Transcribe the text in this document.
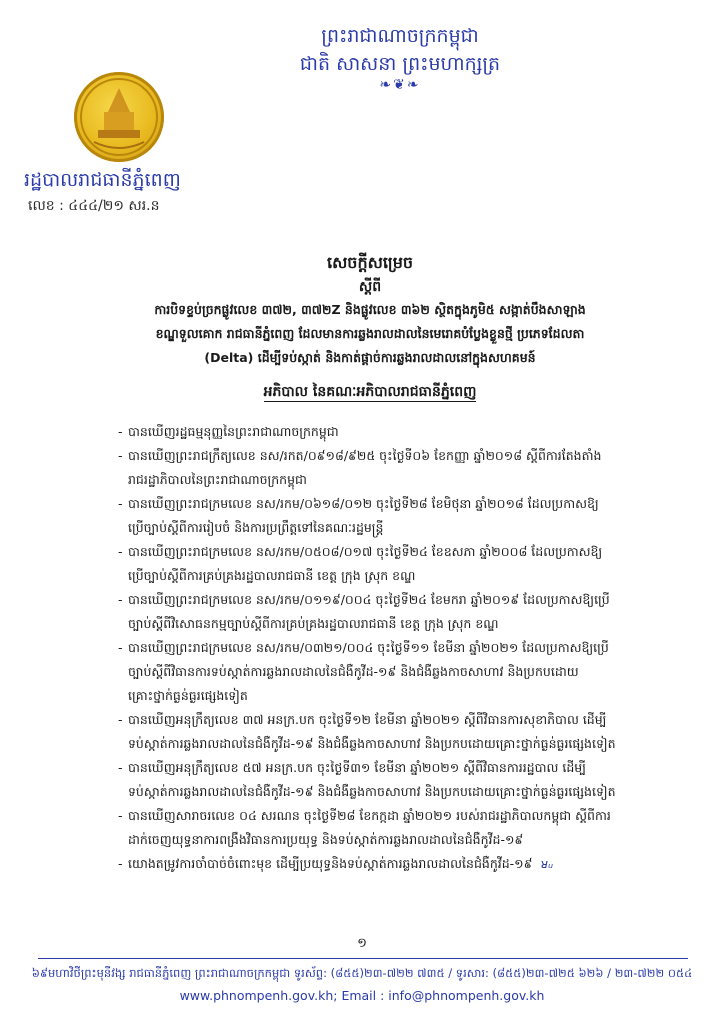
ព្រះរាជាណាចក្រកម្ពុជា
ជាតិ សាសនា ព្រះមហាក្សត្រ
❧❦❧
រដ្ឋបាលរាជធានីភ្នំពេញ
លេខ : ៤៤៤/២១ សរ.ន
សេចក្ដីសម្រេច
ស្ដីពី
ការបិទខ្ទប់ច្រកផ្លូវលេខ ៣៧២, ៣៧២Z និងផ្លូវលេខ ៣៦២ ស្ថិតក្នុងភូមិ៥ សង្កាត់បឹងសាឡាង
ខណ្ឌទួលគោក រាជធានីភ្នំពេញ ដែលមានការឆ្លងរាលដាលនៃមេរោគបំប្លែងខ្លួនថ្មី ប្រភេទដែលតា
(Delta) ដើម្បីទប់ស្កាត់ និងកាត់ផ្ដាច់ការឆ្លងរាលដាលនៅក្នុងសហគមន៍
អភិបាល នៃគណៈអភិបាលរាជធានីភ្នំពេញ
- បានឃើញរដ្ឋធម្មនុញ្ញនៃព្រះរាជាណាចក្រកម្ពុជា
- បានឃើញព្រះរាជក្រឹត្យលេខ នស/រកត/០៩១៨/៩២៥ ចុះថ្ងៃទី០៦ ខែកញ្ញា ឆ្នាំ២០១៨ ស្ដីពីការតែងតាំង
រាជរដ្ឋាភិបាលនៃព្រះរាជាណាចក្រកម្ពុជា
- បានឃើញព្រះរាជក្រមលេខ នស/រកម/០៦១៨/០១២ ចុះថ្ងៃទី២៨ ខែមិថុនា ឆ្នាំ២០១៨ ដែលប្រកាសឱ្យ
ប្រើច្បាប់ស្ដីពីការរៀបចំ និងការប្រព្រឹត្តទៅនៃគណៈរដ្ឋមន្ត្រី
- បានឃើញព្រះរាជក្រមលេខ នស/រកម/០៥០៨/០១៧ ចុះថ្ងៃទី២៤ ខែឧសភា ឆ្នាំ២០០៨ ដែលប្រកាសឱ្យ
ប្រើច្បាប់ស្ដីពីការគ្រប់គ្រងរដ្ឋបាលរាជធានី ខេត្ត ក្រុង ស្រុក ខណ្ឌ
- បានឃើញព្រះរាជក្រមលេខ នស/រកម/០១១៩/០០៤ ចុះថ្ងៃទី២៤ ខែមករា ឆ្នាំ២០១៩ ដែលប្រកាសឱ្យប្រើ
ច្បាប់ស្ដីពីវិសោធនកម្មច្បាប់ស្ដីពីការគ្រប់គ្រងរដ្ឋបាលរាជធានី ខេត្ត ក្រុង ស្រុក ខណ្ឌ
- បានឃើញព្រះរាជក្រមលេខ នស/រកម/០៣២១/០០៤ ចុះថ្ងៃទី១១ ខែមីនា ឆ្នាំ២០២១ ដែលប្រកាសឱ្យប្រើ
ច្បាប់ស្ដីពីវិធានការទប់ស្កាត់ការឆ្លងរាលដាលនៃជំងឺកូវីដ-១៩ និងជំងឺឆ្លងកាចសាហាវ និងប្រកបដោយ
គ្រោះថ្នាក់ធ្ងន់ធ្ងរផ្សេងទៀត
- បានឃើញអនុក្រឹត្យលេខ ៣៧ អនក្រ.បក ចុះថ្ងៃទី១២ ខែមីនា ឆ្នាំ២០២១ ស្ដីពីវិធានការសុខាភិបាល ដើម្បី
ទប់ស្កាត់ការឆ្លងរាលដាលនៃជំងឺកូវីដ-១៩ និងជំងឺឆ្លងកាចសាហាវ និងប្រកបដោយគ្រោះថ្នាក់ធ្ងន់ធ្ងរផ្សេងទៀត
- បានឃើញអនុក្រឹត្យលេខ ៥៧ អនក្រ.បក ចុះថ្ងៃទី៣១ ខែមីនា ឆ្នាំ២០២១ ស្ដីពីវិធានការរដ្ឋបាល ដើម្បី
ទប់ស្កាត់ការឆ្លងរាលដាលនៃជំងឺកូវីដ-១៩ និងជំងឺឆ្លងកាចសាហាវ និងប្រកបដោយគ្រោះថ្នាក់ធ្ងន់ធ្ងរផ្សេងទៀត
- បានឃើញសារាចរលេខ ០៤ សរណន ចុះថ្ងៃទី២៨ ខែកក្កដា ឆ្នាំ២០២១ របស់រាជរដ្ឋាភិបាលកម្ពុជា ស្ដីពីការ
ដាក់ចេញយុទ្ធនាការពង្រឹងវិធានការប្រយុទ្ធ និងទប់ស្កាត់ការឆ្លងរាលដាលនៃជំងឺកូវីដ-១៩
- យោងតម្រូវការចាំបាច់ចំពោះមុខ ដើម្បីប្រយុទ្ធនិងទប់ស្កាត់ការឆ្លងរាលដាលនៃជំងឺកូវីដ-១៩ ᴚᵤ
១
៦៩មហាវិថីព្រះមុនីវង្ស រាជធានីភ្នំពេញ ព្រះរាជាណាចក្រកម្ពុជា ទូរស័ព្ទ: (៨៥៥)២៣-៧២២ ៧៣៥ / ទូរសារ: (៨៥៥)២៣-៧២៥ ៦២៦ / ២៣-៧២២ ០៥៤
www.phnompenh.gov.kh; Email : info@phnompenh.gov.kh
